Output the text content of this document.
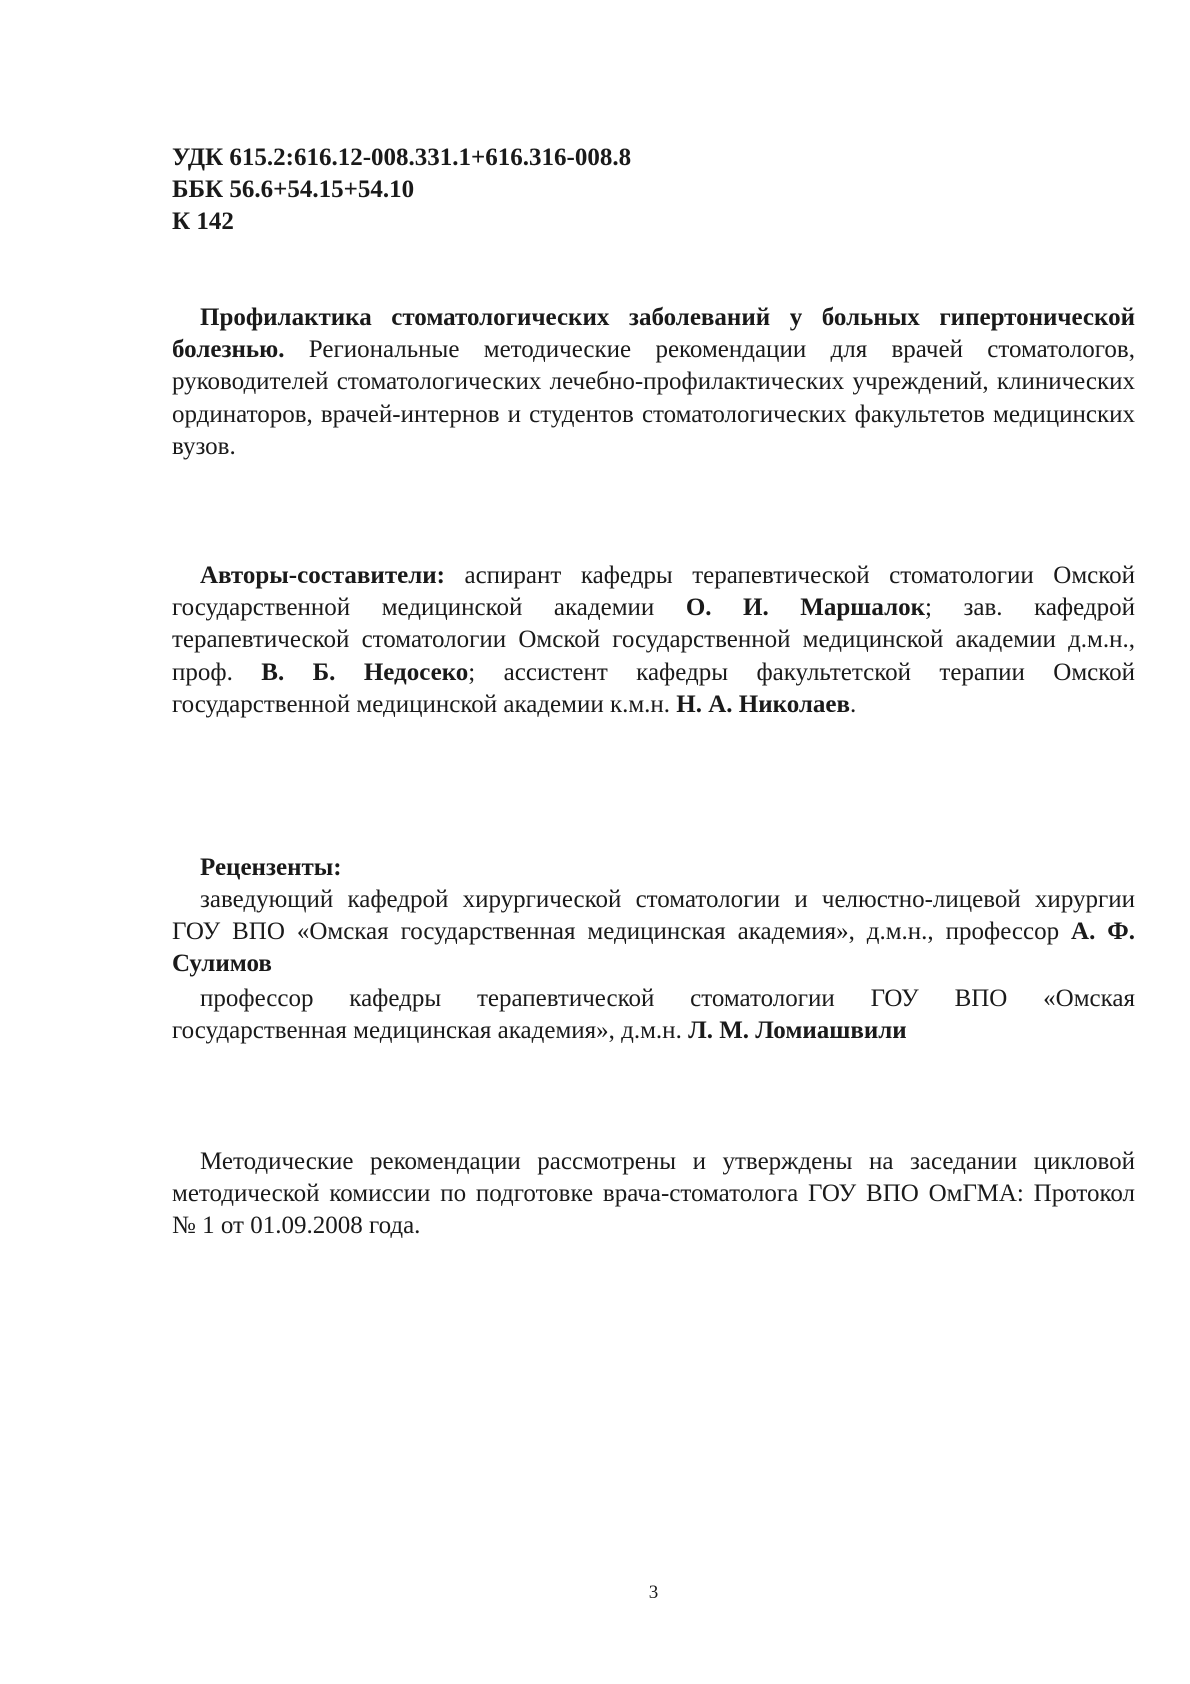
УДК 615.2:616.12-008.331.1+616.316-008.8
ББК 56.6+54.15+54.10
К 142

Профилактика стоматологических заболеваний у больных гипертонической болезнью. Региональные методические рекомендации для врачей стоматологов, руководителей стоматологических лечебно-профилактических учреждений, клинических ординаторов, врачей-интернов и студентов стоматологических факультетов медицинских вузов.

Авторы-составители: аспирант кафедры терапевтической стоматологии Омской государственной медицинской академии О. И. Маршалок; зав. кафедрой терапевтической стоматологии Омской государственной медицинской академии д.м.н., проф. В. Б. Недосеко; ассистент кафедры факультетской терапии Омской государственной медицинской академии к.м.н. Н. А. Николаев.

Рецензенты:

заведующий кафедрой хирургической стоматологии и челюстно-лицевой хирургии ГОУ ВПО «Омская государственная медицинская академия», д.м.н., профессор А. Ф. Сулимов

профессор кафедры терапевтической стоматологии ГОУ ВПО «Омская государственная медицинская академия», д.м.н. Л. М. Ломиашвили

Методические рекомендации рассмотрены и утверждены на заседании цикловой методической комиссии по подготовке врача-стоматолога ГОУ ВПО ОмГМА: Протокол № 1 от 01.09.2008 года.

3
